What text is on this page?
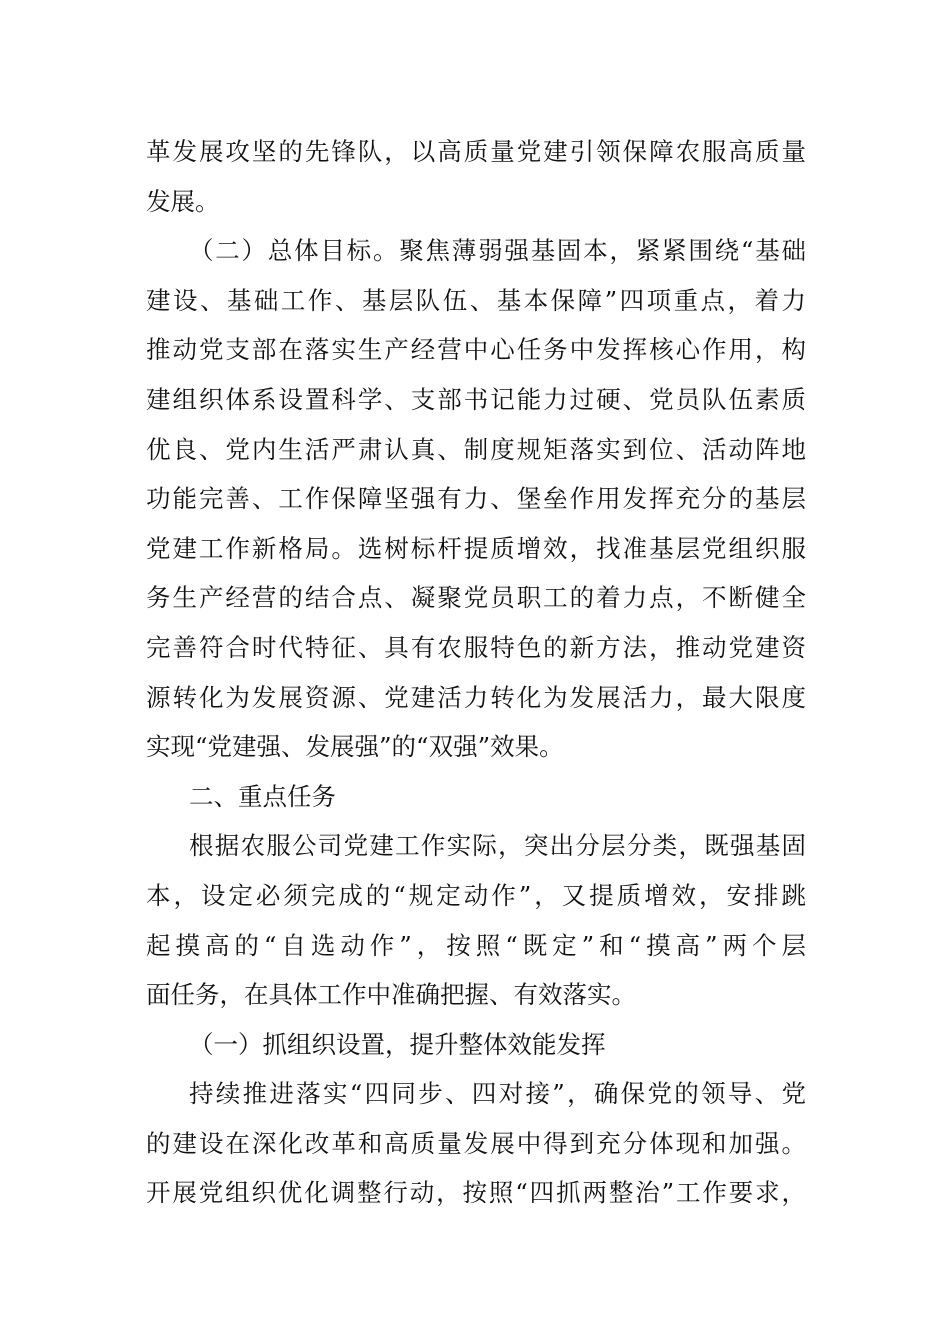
革发展攻坚的先锋队，以高质量党建引领保障农服高质量
发展。
（二）总体目标。聚焦薄弱强基固本，紧紧围绕“基础
建设、基础工作、基层队伍、基本保障”四项重点，着力
推动党支部在落实生产经营中心任务中发挥核心作用，构
建组织体系设置科学、支部书记能力过硬、党员队伍素质
优良、党内生活严肃认真、制度规矩落实到位、活动阵地
功能完善、工作保障坚强有力、堡垒作用发挥充分的基层
党建工作新格局。选树标杆提质增效，找准基层党组织服
务生产经营的结合点、凝聚党员职工的着力点，不断健全
完善符合时代特征、具有农服特色的新方法，推动党建资
源转化为发展资源、党建活力转化为发展活力，最大限度
实现“党建强、发展强”的“双强”效果。
二、重点任务
根据农服公司党建工作实际，突出分层分类，既强基固
本，设定必须完成的“规定动作”，又提质增效，安排跳
起摸高的“自选动作”，按照“既定”和“摸高”两个层
面任务，在具体工作中准确把握、有效落实。
（一）抓组织设置，提升整体效能发挥
持续推进落实“四同步、四对接”，确保党的领导、党
的建设在深化改革和高质量发展中得到充分体现和加强。
开展党组织优化调整行动，按照“四抓两整治”工作要求，
